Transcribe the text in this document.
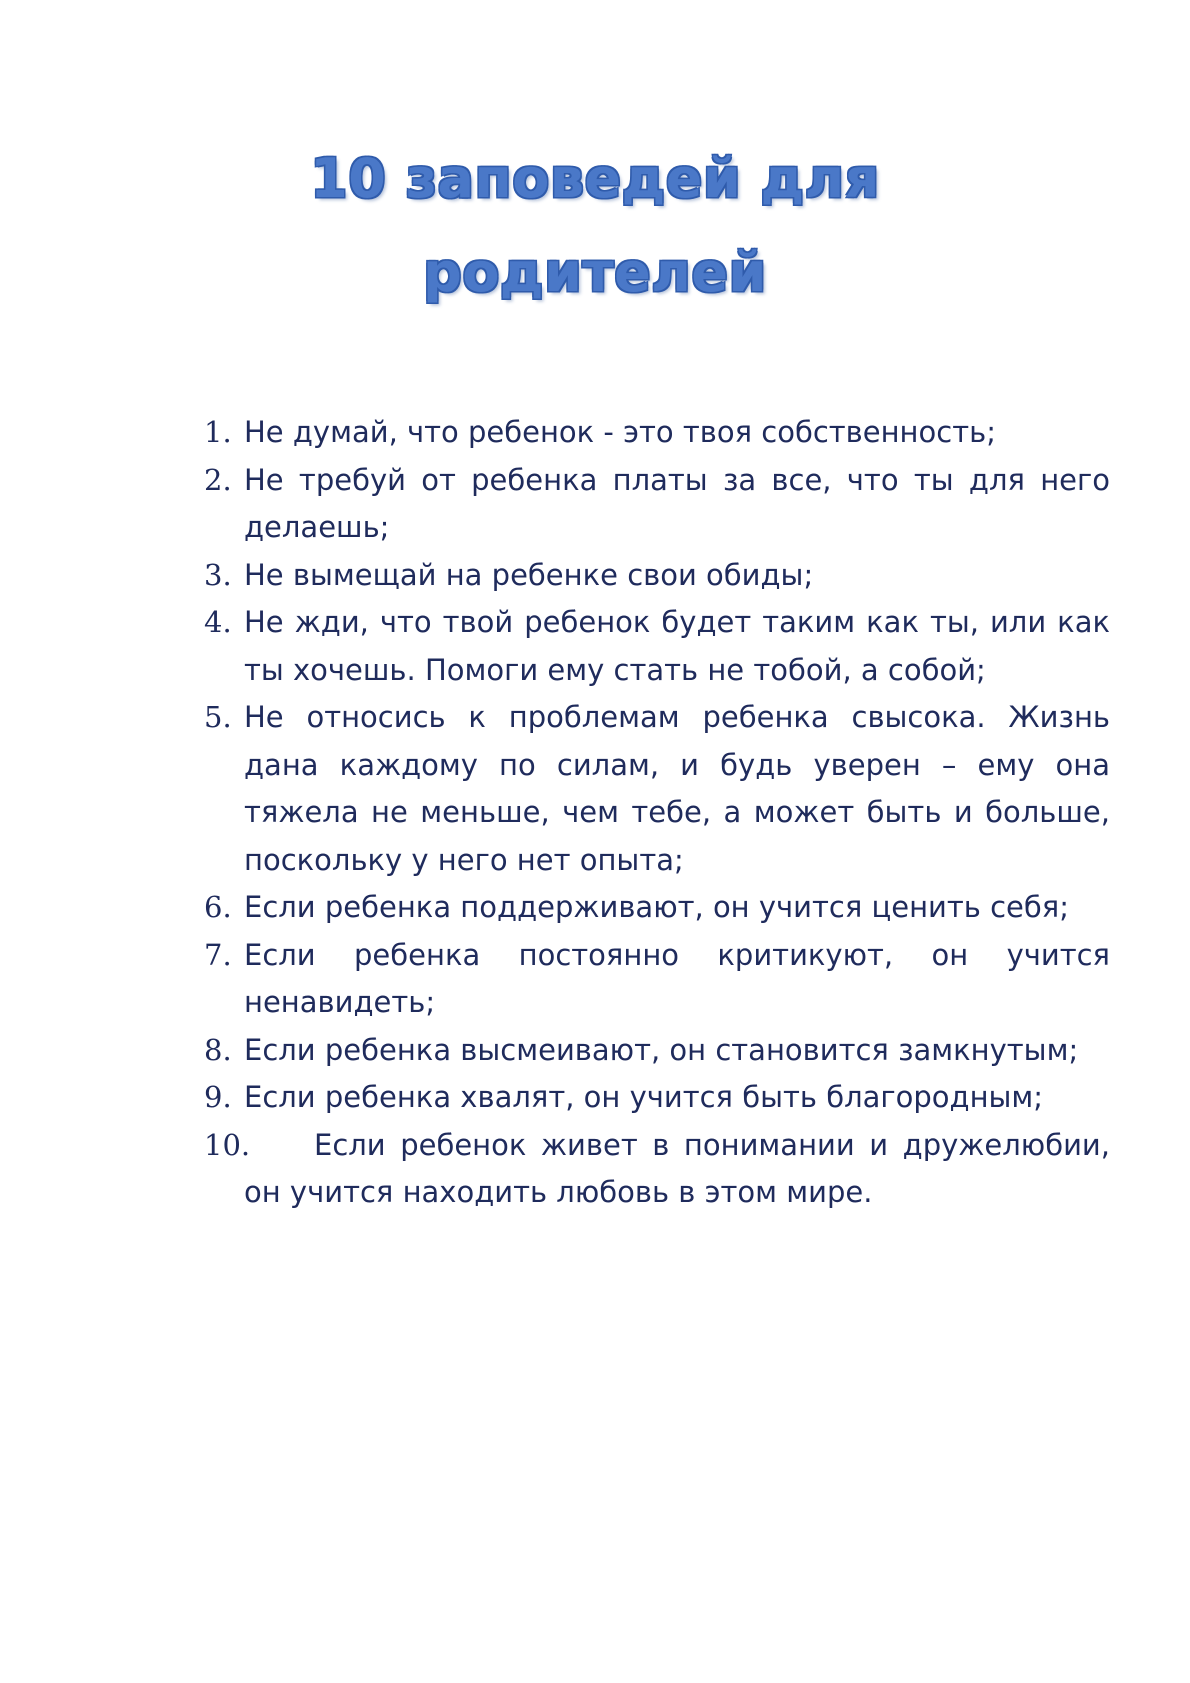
10 заповедей для
родителей
1. Не думай, что ребенок - это твоя собственность;
2. Не требуй от ребенка платы за все, что ты для него делаешь;
3. Не вымещай на ребенке свои обиды;
4. Не жди, что твой ребенок будет таким как ты, или как ты хочешь. Помоги ему стать не тобой, а собой;
5. Не относись к проблемам ребенка свысока. Жизнь дана каждому по силам, и будь уверен – ему она тяжела не меньше, чем тебе, а может быть и больше, поскольку у него нет опыта;
6. Если ребенка поддерживают, он учится ценить себя;
7. Если ребенка постоянно критикуют, он учится ненавидеть;
8. Если ребенка высмеивают, он становится замкнутым;
9. Если ребенка хвалят, он учится быть благородным;
10. Если ребенок живет в понимании и дружелюбии, он учится находить любовь в этом мире.
